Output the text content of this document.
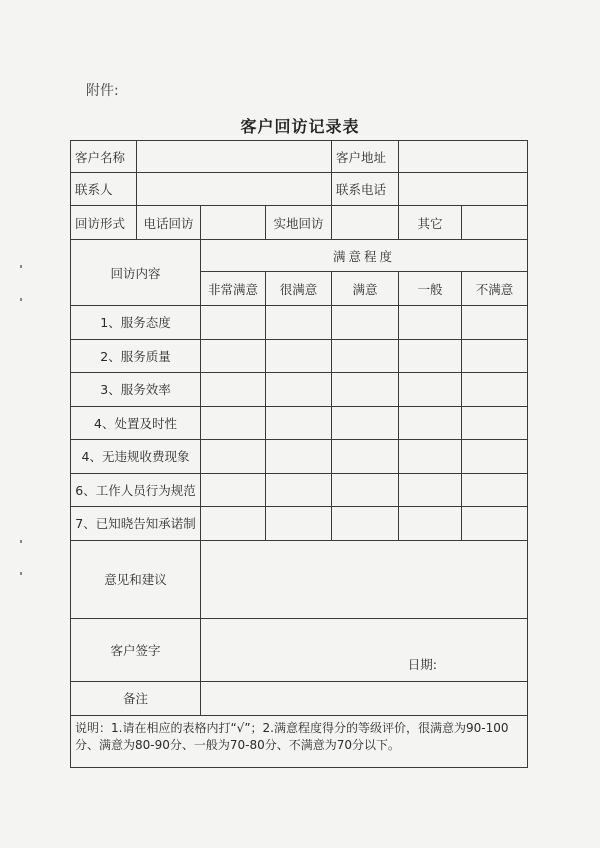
附件:
客户回访记录表
客户名称				客户地址		
联系人				联系电话		
回访形式	电话回访		实地回访		其它	
回访内容		满意程度				
		非常满意	很满意	满意	一般	不满意
1、服务态度						
2、服务质量						
3、服务效率						
4、处置及时性						
4、无违规收费现象						
6、工作人员行为规范						
7、已知晓告知承诺制						
意见和建议						
客户签字		日期:				

备注						
说明：1.请在相应的表格内打“√”；2.满意程度得分的等级评价，很满意为90-100分、满意为80-90分、一般为70-80分、不满意为70分以下。						
